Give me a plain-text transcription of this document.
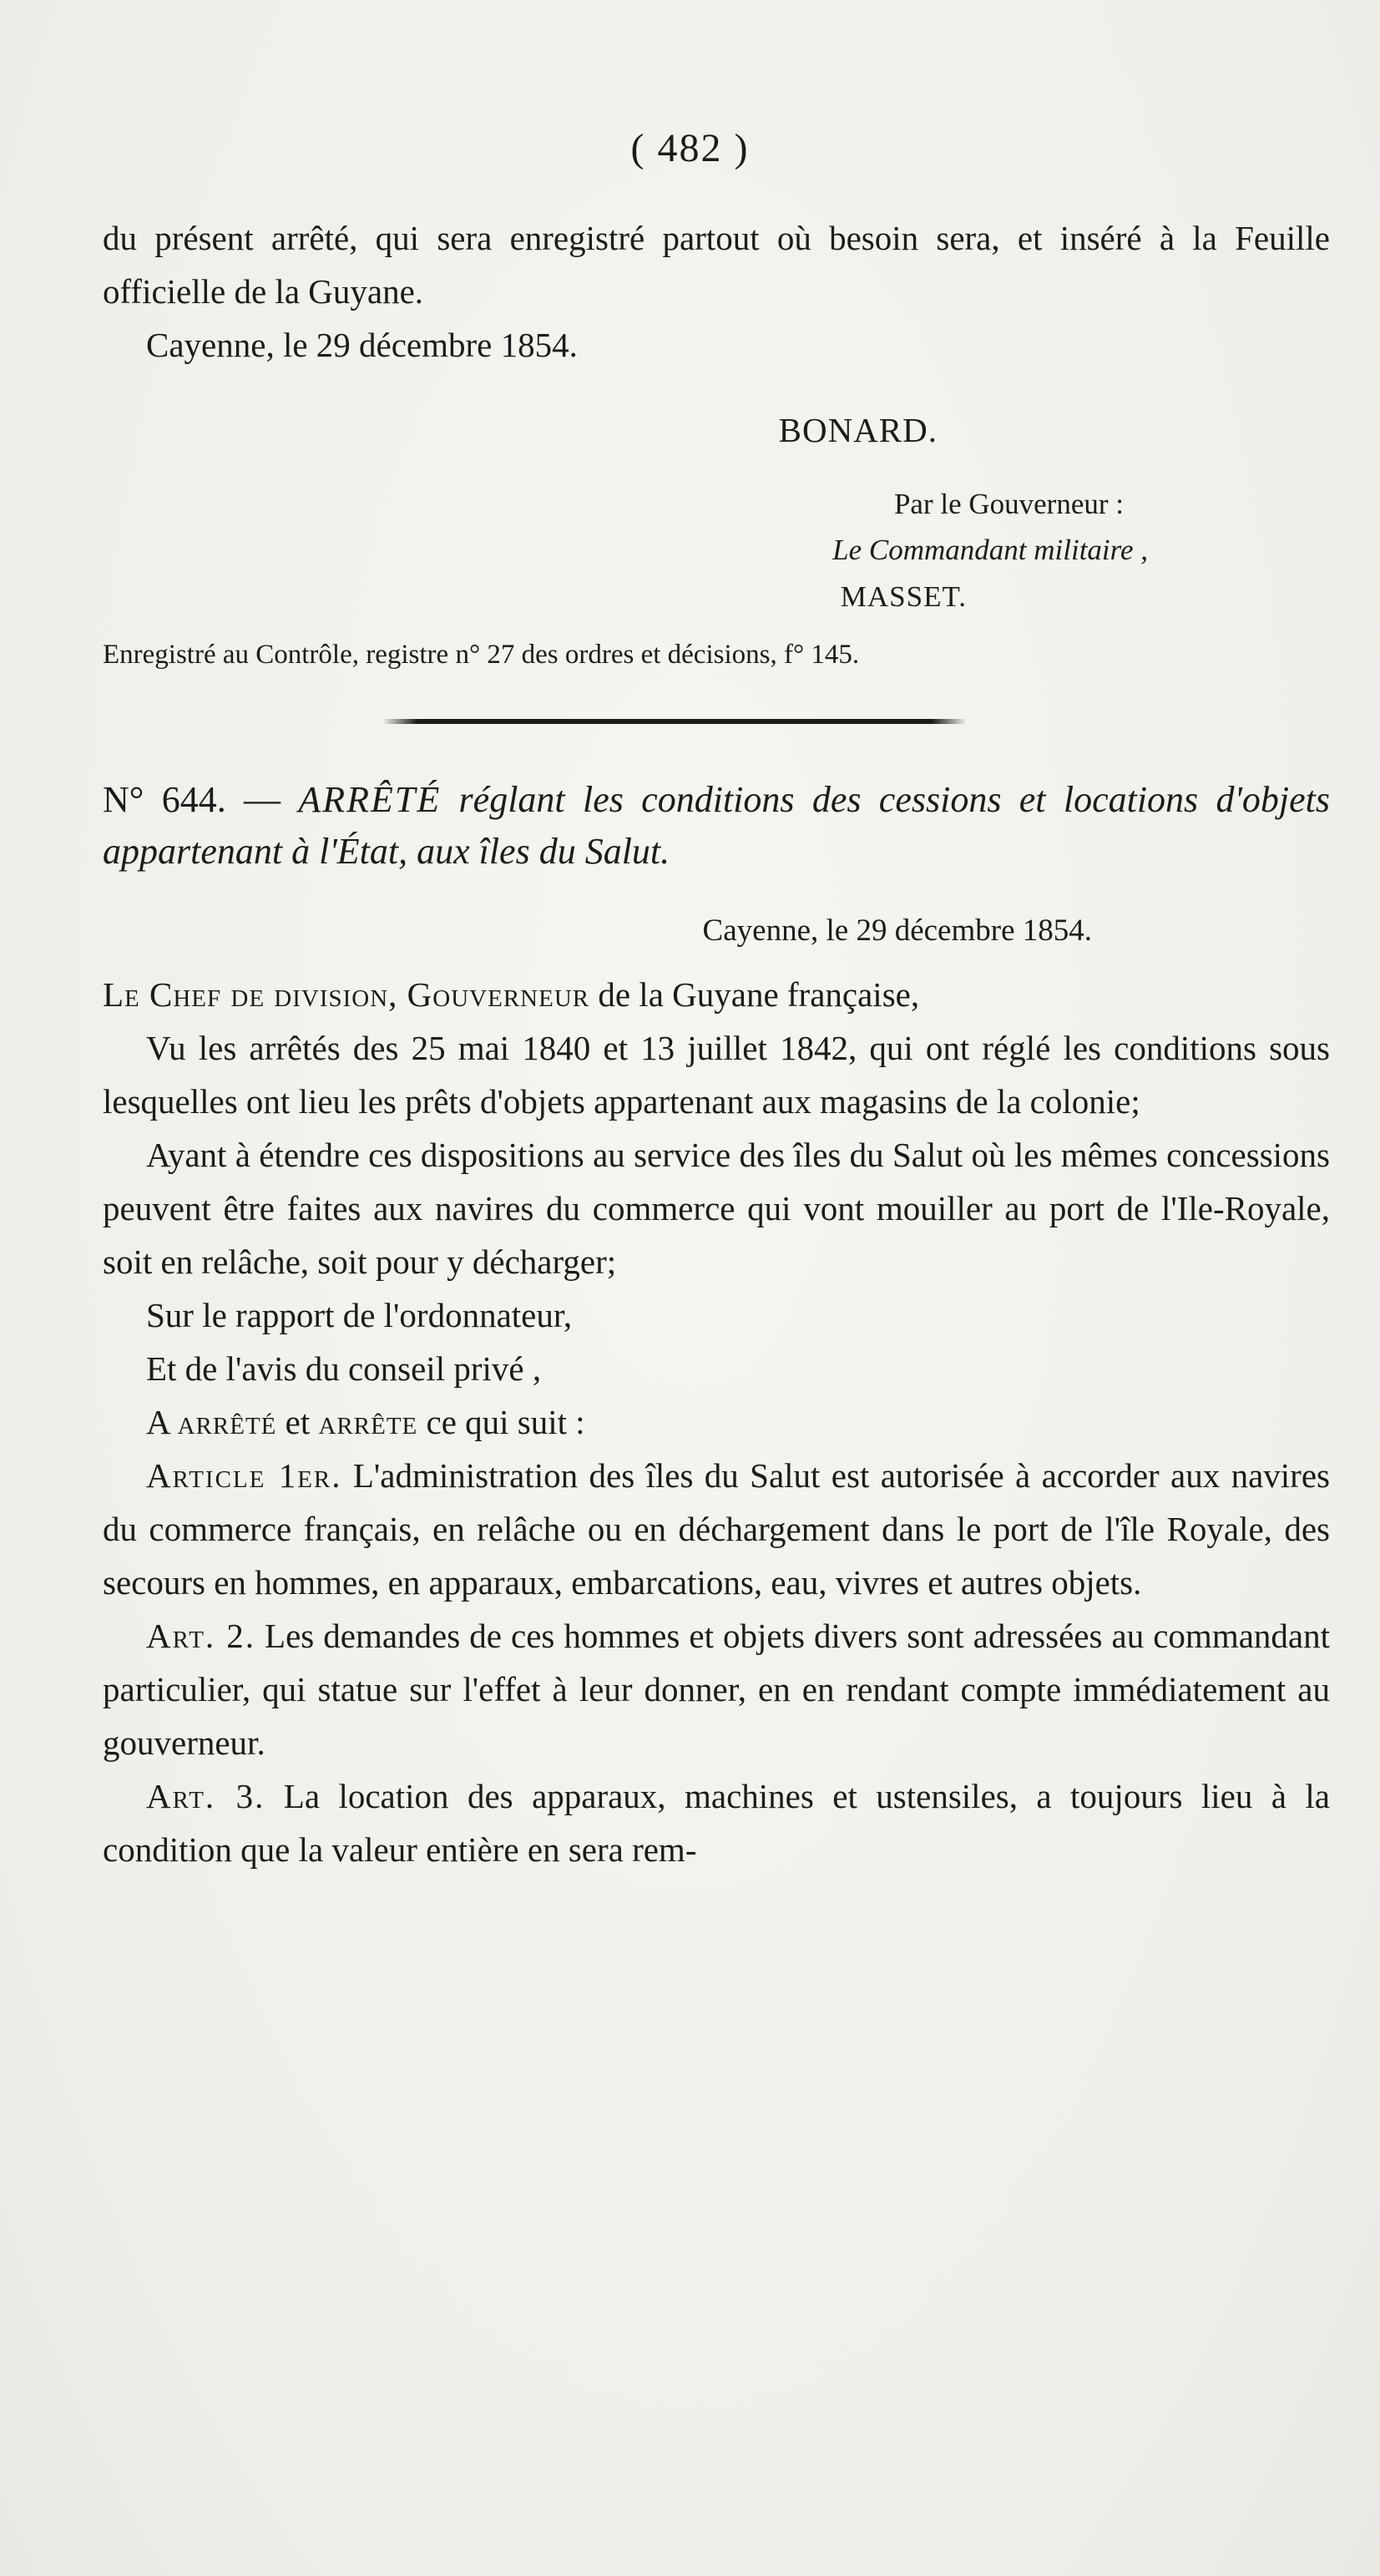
( 482 )

du présent arrêté, qui sera enregistré partout où besoin sera, et inséré à la Feuille officielle de la Guyane.

Cayenne, le 29 décembre 1854.

BONARD.
Par le Gouverneur :
Le Commandant militaire ,
MASSET.

Enregistré au Contrôle, registre n° 27 des ordres et décisions, f° 145.

N° 644. — ARRÊTÉ réglant les conditions des cessions et locations d'objets appartenant à l'État, aux îles du Salut.

Cayenne, le 29 décembre 1854.

Le Chef de division, Gouverneur de la Guyane française,

Vu les arrêtés des 25 mai 1840 et 13 juillet 1842, qui ont réglé les conditions sous lesquelles ont lieu les prêts d'objets appartenant aux magasins de la colonie;

Ayant à étendre ces dispositions au service des îles du Salut où les mêmes concessions peuvent être faites aux navires du commerce qui vont mouiller au port de l'Ile-Royale, soit en relâche, soit pour y décharger;

Sur le rapport de l'ordonnateur,

Et de l'avis du conseil privé ,

A arrêté et arrête ce qui suit :

Article 1er. L'administration des îles du Salut est autorisée à accorder aux navires du commerce français, en relâche ou en déchargement dans le port de l'île Royale, des secours en hommes, en apparaux, embarcations, eau, vivres et autres objets.

Art. 2. Les demandes de ces hommes et objets divers sont adressées au commandant particulier, qui statue sur l'effet à leur donner, en en rendant compte immédiatement au gouverneur.

Art. 3. La location des apparaux, machines et ustensiles, a toujours lieu à la condition que la valeur entière en sera rem-
